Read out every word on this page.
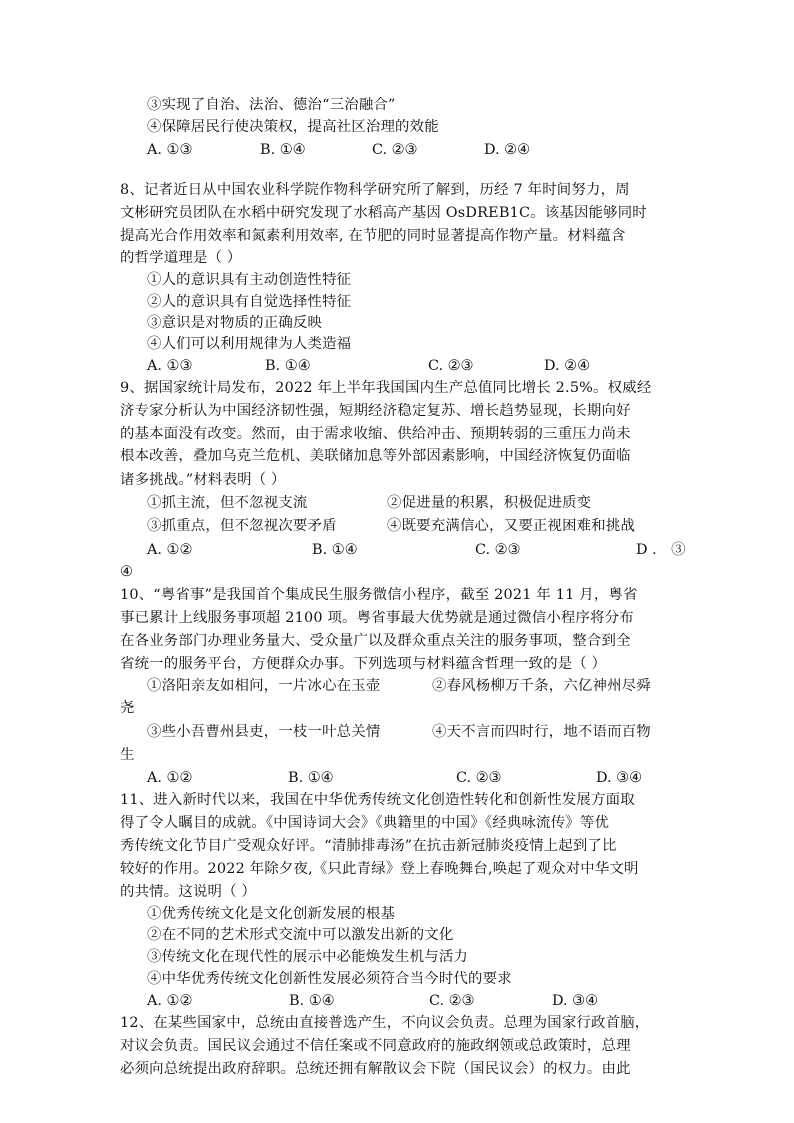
③实现了自治、法治、德治“三治融合”
④保障居民行使决策权，提高社区治理的效能
A. ①③	B. ①④	C. ②③	D. ②④
8、记者近日从中国农业科学院作物科学研究所了解到，历经 7 年时间努力，周
文彬研究员团队在水稻中研究发现了水稻高产基因 OsDREB1C。该基因能够同时
提高光合作用效率和氮素利用效率, 在节肥的同时显著提高作物产量。材料蕴含
的哲学道理是（ ）
①人的意识具有主动创造性特征
②人的意识具有自觉选择性特征
③意识是对物质的正确反映
④人们可以利用规律为人类造福
A. ①③	B. ①④	C. ②③	D. ②④
9、据国家统计局发布，2022 年上半年我国国内生产总值同比增长 2.5%。权威经
济专家分析认为中国经济韧性强，短期经济稳定复苏、增长趋势显现，长期向好
的基本面没有改变。然而，由于需求收缩、供给冲击、预期转弱的三重压力尚未
根本改善，叠加乌克兰危机、美联储加息等外部因素影响，中国经济恢复仍面临
诸多挑战。”材料表明（ ）
①抓主流，但不忽视支流	②促进量的积累，积极促进质变
③抓重点，但不忽视次要矛盾	④既要充满信心，又要正视困难和挑战
A. ①②	B. ①④	C. ②③	D ． ③
④
10、“粤省事”是我国首个集成民生服务微信小程序，截至 2021 年 11 月，粤省
事已累计上线服务事项超 2100 项。粤省事最大优势就是通过微信小程序将分布
在各业务部门办理业务量大、受众量广以及群众重点关注的服务事项，整合到全
省统一的服务平台，方便群众办事。下列选项与材料蕴含哲理一致的是（ ）
①洛阳亲友如相问，一片冰心在玉壶	②春风杨柳万千条，六亿神州尽舜
尧
③些小吾曹州县吏，一枝一叶总关情	④天不言而四时行，地不语而百物
生
A. ①②	B. ①④	C. ②③	D. ③④
11、进入新时代以来，我国在中华优秀传统文化创造性转化和创新性发展方面取
得了令人瞩目的成就。《中国诗词大会》《典籍里的中国》《经典咏流传》等优
秀传统文化节目广受观众好评。“清肺排毒汤”在抗击新冠肺炎疫情上起到了比
较好的作用。2022 年除夕夜,《只此青绿》登上春晚舞台,唤起了观众对中华文明
的共情。这说明（ ）
①优秀传统文化是文化创新发展的根基
②在不同的艺术形式交流中可以激发出新的文化
③传统文化在现代性的展示中必能焕发生机与活力
④中华优秀传统文化创新性发展必须符合当今时代的要求
A. ①②	B. ①④	C. ②③	D. ③④
12、在某些国家中，总统由直接普选产生，不向议会负责。总理为国家行政首脑，
对议会负责。国民议会通过不信任案或不同意政府的施政纲领或总政策时，总理
必须向总统提出政府辞职。总统还拥有解散议会下院（国民议会）的权力。由此
